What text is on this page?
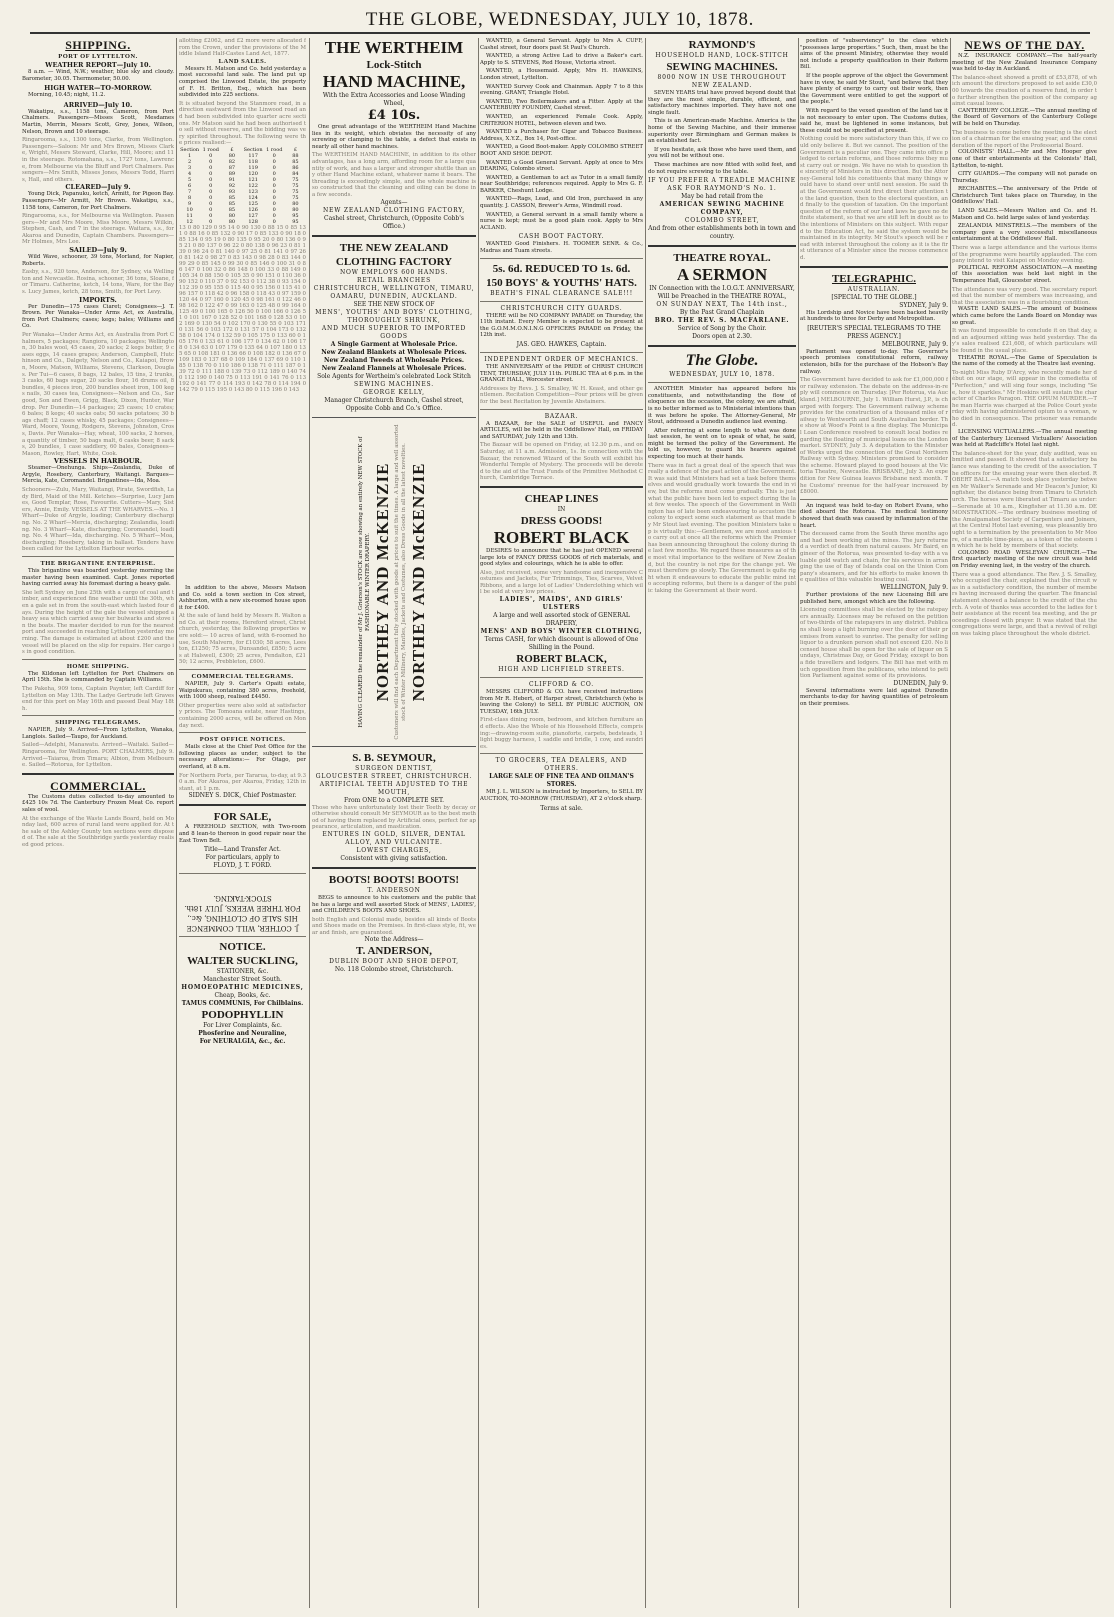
THE GLOBE, WEDNESDAY, JULY 10, 1878.
SHIPPING.
PORT OF LYTTELTON.
WEATHER REPORT—July 10.
8 a.m. — Wind, N.W.; weather, blue sky and cloudy. Barometer, 30.05. Thermometer, 50.00.
HIGH WATER—TO-MORROW.
Morning, 10.45; night, 11.2.
ARRIVED—July 10.
Wakatipu, s.s., 1158 tons, Cameron, from Port Chalmers. Passengers—Misses Scott, Mesdames Martin, Merrin, Messrs Scott, Grey, Jones, Wilson, Nelson, Brown and 10 steerage.
Ringarooma, s.s., 1300 tons, Clarke, from Wellington. Passengers—Saloon: Mr and Mrs Brown, Misses Clarke, Wright, Messrs Steward, Clarke, Hill, Moore; and 11 in the steerage. Rotomahana, s.s., 1727 tons, Lawrence, from Melbourne via the Bluff and Port Chalmers. Passengers—Mrs Smith, Misses Jones, Messrs Todd, Harris, Hall, and others.
CLEARED—July 9.
Young Dick, Papanuku, ketch, Armitt, for Pigeon Bay. Passengers—Mr Armitt, Mr Brown. Wakatipu, s.s., 1158 tons, Cameron, for Port Chalmers.
Ringarooma, s.s., for Melbourne via Wellington. Passengers—Mr and Mrs Moore, Miss Moore, Messrs Wilkin, Stephen, Cash, and 7 in the steerage. Waitara, s.s., for Akaroa and Dunedin, Captain Chambers. Passengers—Mr Holmes, Mrs Lee.
SAILED—July 9.
Wild Wave, schooner, 39 tons, Morland, for Napier, Roberts.
Easby, s.s., 920 tons, Anderson, for Sydney, via Wellington and Newcastle. Rosina, schooner, 36 tons, Sloane, for Timaru. Catherine, ketch, 14 tons, Ware, for the Bays. Lucy James, ketch, 28 tons, Smith, for Port Levy.
IMPORTS.
Per Dunedin—175 cases Ciaret; Consignees—J. T. Brown. Per Wanaka—Under Arms Act, ex Australia, from Port Chalmers; cases; kegs; bales; Williams and Co.
Per Wanaka—Under Arms Act, ex Australia from Port Chalmers, 5 packages; Rangiora, 10 packages; Wellington, 30 bales wool, 45 cases, 20 sacks; 2 kegs butter, 9 cases eggs, 14 cases grapes; Anderson, Campbell, Hutchinson and Co., Dalgety, Nelson and Co., Kaiapoi, Brown, Moore, Matson, Williams, Stevens, Clarkson, Douglas. Per Tui—6 cases, 8 bags, 12 bales, 15 tins, 2 trunks, 3 casks, 60 bags sugar, 20 sacks flour, 16 drums oil, 8 bundles, 4 pieces iron, 200 bundles sheet iron, 100 kegs nails, 30 cases tea, Consignees—Nelson and Co., Sargood, Son and Ewen, Grigg, Black, Dixon, Hunter, Wardrop. Per Dunedin—14 packages; 25 cases; 10 crates; 6 bales; 8 kegs; 40 sacks oats; 50 sacks potatoes; 30 bags chaff; 12 cases whisky, 45 packages; Consignees—Ward, Moore, Young, Rodgers, Stevens, Johnston, Cross, Davis. Per Wanaka—Hay, wheat, 100 sacks, 2 horses, a quantity of timber, 50 bags malt, 6 casks beer, 8 sacks, 20 bundles, 1 case saddlery, 60 bales, Consignees—Mason, Rowley, Hart, White, Cook.
VESSELS IN HARBOUR.
Steamer—Onehunga. Ships—Zealandia, Duke of Argyle, Rosebery, Canterbury, Waitangi. Barques—Mercia, Kate, Coromandel. Brigantines—Ida, Moa.
Schooners—Zulu, Mary, Waitangi, Pirate, Swordfish, Lady Bird, Maid of the Mill. Ketches—Surprise, Lucy James, Good Templar, Rose, Favourite. Cutters—Mary, Sisters, Annie, Emily. VESSELS AT THE WHARVES.—No. 1 Wharf—Duke of Argyle, loading; Canterbury discharging. No. 2 Wharf—Mercia, discharging; Zealandia, loading. No. 3 Wharf—Kate, discharging; Coromandel, loading. No. 4 Wharf—Ida, discharging. No. 5 Wharf—Moa, discharging; Rosebery, taking in ballast. Tenders have been called for the Lyttelton Harbour works.
THE BRIGANTINE ENTERPRISE.
This brigantine was boarded yesterday morning the master having been examined. Capt. Jones reported having carried away his foremast during a heavy gale.
She left Sydney on June 25th with a cargo of coal and timber, and experienced fine weather until the 30th, when a gale set in from the south-east which lasted four days. During the height of the gale the vessel shipped a heavy sea which carried away her bulwarks and stove in the boats. The master decided to run for the nearest port and succeeded in reaching Lyttelton yesterday morning. The damage is estimated at about £200 and the vessel will be placed on the slip for repairs. Her cargo is in good condition.
HOME SHIPPING.
The Kildonan left Lyttelton for Port Chalmers on April 15th. She is commanded by Captain Williams.
The Pakeha, 909 tons, Captain Paynter, left Cardiff for Lyttelton on May 13th. The Ladye Gertrude left Gravesend for this port on May 16th and passed Deal May 18th.
SHIPPING TELEGRAMS.
NAPIER, July 9. Arrived—From Lyttelton, Wanaka, Langlois. Sailed—Taupo, for Auckland.
Sailed—Adelphi, Manawatu. Arrived—Waitaki. Sailed—Ringarooma, for Wellington. PORT CHALMERS, July 9. Arrived—Taiaroa, from Timaru; Albion, from Melbourne. Sailed—Rotorua, for Lyttelton.
COMMERCIAL.
The Customs duties collected to-day amounted to £425 10s 7d. The Canterbury Frozen Meat Co. report sales of wool.
At the exchange of the Waste Lands Board, held on Monday last, 600 acres of rural land were applied for. At the sale of the Ashley County ten sections were disposed of. The sale at the Southbridge yards yesterday realised good prices.
allotting £2062, and £2 more were allocated from the Crown, under the provisions of the Middle Island Half-Castes Land Act, 1877.
LAND SALES.
Messrs H. Matson and Co. held yesterday a most successful land sale. The land put up comprised the Linwood Estate, the property of F. H. Britton, Esq., which has been subdivided into 225 sections.
It is situated beyond the Stanmore road, in a direction eastward from the Linwood road and had been subdivided into quarter acre sections. Mr Matson said he had been authorised to sell without reserve, and the bidding was very spirited throughout. The following were the prices realised:—
Section 1 rood	£	Section 1 rood	£
1	0	80	117	0	88
2	0	82	118	0	85
3	0	87	119	0	86
4	0	89	120	0	84
5	0	91	121	0	75
6	0	92	122	0	75
7	0	93	123	0	75
8	0	85	124	0	75
9	0	85	125	0	80
10	0	85	126	0	80
11	0	80	127	0	95
12	0	80	128	0	95
13 0 80 129 0 95 14 0 90 130 0 88 15 0 85 131 0 88 16 0 85 132 0 90 17 0 85 133 0 90 18 0 85 134 0 95 19 0 80 135 0 95 20 0 80 136 0 95 21 0 80 137 0 96 22 0 80 138 0 96 23 0 81 139 0 96 24 0 81 140 0 97 25 0 81 141 0 97 26 0 81 142 0 98 27 0 83 143 0 98 28 0 83 144 0 99 29 0 85 145 0 99 30 0 85 146 0 100 31 0 86 147 0 100 32 0 86 148 0 100 33 0 88 149 0 105 34 0 88 150 0 105 35 0 90 151 0 110 36 0 90 152 0 110 37 0 92 153 0 112 38 0 93 154 0 112 39 0 95 155 0 115 40 0 95 156 0 115 41 0 96 157 0 118 42 0 96 158 0 118 43 0 97 159 0 120 44 0 97 160 0 120 45 0 98 161 0 122 46 0 98 162 0 122 47 0 99 163 0 125 48 0 99 164 0 125 49 0 100 165 0 126 50 0 100 166 0 126 51 0 101 167 0 128 52 0 101 168 0 128 53 0 102 169 0 130 54 0 102 170 0 130 55 0 103 171 0 131 56 0 103 172 0 131 57 0 104 173 0 132 58 0 104 174 0 132 59 0 105 175 0 133 60 0 105 176 0 133 61 0 106 177 0 134 62 0 106 178 0 134 63 0 107 179 0 135 64 0 107 180 0 135 65 0 108 181 0 136 66 0 108 182 0 136 67 0 109 183 0 137 68 0 109 184 0 137 69 0 110 185 0 138 70 0 110 186 0 138 71 0 111 187 0 139 72 0 111 188 0 139 73 0 112 189 0 140 74 0 112 190 0 140 75 0 113 191 0 141 76 0 113 192 0 141 77 0 114 193 0 142 78 0 114 194 0 142 79 0 115 195 0 143 80 0 115 196 0 143
In addition to the above, Messrs Matson and Co. sold a town section in Cox street, Ashburton, with a new six-roomed house upon it for £400.
At the sale of land held by Messrs R. Walton and Co. at their rooms, Hereford street, Christchurch, yesterday, the following properties were sold:— 10 acres of land, with 6-roomed house, South Malvern, for £1030; 58 acres, Leeston, £1250; 75 acres, Dunsandel, £850; 5 acres at Halswell, £300; 25 acres, Fendalton, £2150; 12 acres, Prebbleton, £600.
COMMERCIAL TELEGRAMS.
NAPIER, July 9. Carter's Opaiti estate, Waipukurau, containing 380 acres, freehold, with 1000 sheep, realised £4450.
Other properties were also sold at satisfactory prices. The Tomoana estate, near Hastings, containing 2000 acres, will be offered on Monday next.
POST OFFICE NOTICES.
Mails close at the Chief Post Office for the following places as under, subject to the necessary alterations:— For Otago, per overland, at 8 a.m.
For Northern Ports, per Tararua, to-day, at 9.30 a.m. For Akaroa, per Akaroa, Friday, 12th instant, at 1 p.m.
SIDNEY S. DICK, Chief Postmaster.
FOR SALE,
A FREEHOLD SECTION, with Two-room and 8 lean-to thereon in good repair near the East Town Belt.
Title—Land Transfer Act.
For particulars, apply to
FLOYD, J. T. FORD.
J. COTHER, WILL COMMENCE HIS SALE OF CLOTHING, &c., FOR THREE WEEKS, JULY 18th. STOCK-TAKING.
NOTICE.
WALTER SUCKLING,
STATIONER, &c.
Manchester Street South.
HOMOEOPATHIC MEDICINES,
Cheap, Books, &c.
TAMUS COMMUNIS, For Chilblains.
PODOPHYLLIN
For Liver Complaints, &c.
Phosferine and Neuraline,
For NEURALGIA, &c., &c.
THE WERTHEIM
Lock-Stitch
HAND MACHINE,
With the Extra Accessories and Loose Winding Wheel,
£4 10s.
One great advantage of the WERTHEIM Hand Machine lies in its weight, which obviates the necessity of any screwing or clamping to the table, a defect that exists in nearly all other hand machines.
The WERTHEIM HAND MACHINE, in addition to its other advantages, has a long arm, affording room for a large quantity of work, and has a larger and stronger shuttle than any other Hand Machine extant, whatever name it bears. The threading is exceedingly simple, and the whole machine is so constructed that the cleaning and oiling can be done in a few seconds.
Agents—
NEW ZEALAND CLOTHING FACTORY,
Cashel street, Christchurch, (Opposite Cobb's Office.)
THE NEW ZEALAND CLOTHING FACTORY
NOW EMPLOYS 600 HANDS.
RETAIL BRANCHES
CHRISTCHURCH, WELLINGTON, TIMARU, OAMARU, DUNEDIN, AUCKLAND.
SEE THE NEW STOCK OF
MENS', YOUTHS' AND BOYS' CLOTHING,
THOROUGHLY SHRUNK,
AND MUCH SUPERIOR TO IMPORTED GOODS
A Single Garment at Wholesale Price.
New Zealand Blankets at Wholesale Prices.
New Zealand Tweeds at Wholesale Prices.
New Zealand Flannels at Wholesale Prices.
Sole Agents for Wertheim's celebrated Lock Stitch
SEWING MACHINES.
GEORGE KELLY,
Manager Christchurch Branch, Cashel street, Opposite Cobb and Co.'s Office.
HAVING CLEARED the remainder of Mr J. Grierson's STOCK are now showing an entirely NEW STOCK of FASHIONABLE WINTER DRAPERY. NORTHEY AND McKENZIE Customers will find each Department fully stocked with goods at prices to suit the times. A large and well assorted stock of Winter Millinery, Mantles, Jackets and Costumes, also Dress Goods in all the latest novelties. NORTHEY AND McKENZIE
S. B. SEYMOUR,
SURGEON DENTIST,
GLOUCESTER STREET, CHRISTCHURCH.
ARTIFICIAL TEETH ADJUSTED TO THE MOUTH,
From ONE to a COMPLETE SET.
Those who have unfortunately lost their Teeth by decay or otherwise should consult Mr SEYMOUR as to the best method of having them replaced by Artificial ones, perfect for appearance, articulation, and mastication.
ENTURES IN GOLD, SILVER, DENTAL ALLOY, AND VULCANITE.
LOWEST CHARGES,
Consistent with giving satisfaction.
BOOTS! BOOTS! BOOTS!
T. ANDERSON
BEGS to announce to his customers and the public that he has a large and well assorted Stock of MENS', LADIES', and CHILDREN'S BOOTS AND SHOES.
both English and Colonial made, besides all kinds of Boots and Shoes made on the Premises. In first-class style, fit, wear and finish, are guaranteed.
Note the Address—
T. ANDERSON,
DUBLIN BOOT AND SHOE DEPOT,
No. 118 Colombo street, Christchurch.
WANTED, a General Servant. Apply to Mrs A. CUFF, Cashel street, four doors past St Paul's Church.
WANTED, a strong Active Lad to drive a Baker's cart. Apply to S. STEVENS, Red House, Victoria street.
WANTED, a Housemaid. Apply, Mrs H. HAWKINS, London street, Lyttelton.
WANTED Survey Cook and Chainman. Apply 7 to 8 this evening. GRANT, Triangle Hotel.
WANTED, Two Boilermakers and a Fitter. Apply at the CANTERBURY FOUNDRY, Cashel street.
WANTED, an experienced Female Cook. Apply, CRITERION HOTEL, between eleven and two.
WANTED a Purchaser for Cigar and Tobacco Business. Address, X.Y.Z., Box 14, Post-office.
WANTED, a Good Boot-maker. Apply COLOMBO STREET BOOT AND SHOE DEPOT.
WANTED a Good General Servant. Apply at once to Mrs DEARING, Colombo street.
WANTED, a Gentleman to act as Tutor in a small family near Southbridge; references required. Apply to Mrs G. F. BARKER, Cheshunt Lodge.
WANTED—Rags, Lead, and Old Iron, purchased in any quantity. J. CASSON, Brewer's Arms, Windmill road.
WANTED, a General servant in a small family where a nurse is kept; must be a good plain cook. Apply to Mrs ACLAND.
CASH BOOT FACTORY.
WANTED Good Finishers. H. TOOMER SENR. & Co., Madras and Tuam streets.
5s. 6d. REDUCED TO 1s. 6d.
150 BOYS' & YOUTHS' HATS.
BEATH'S FINAL CLEARANCE SALE!!!
CHRISTCHURCH CITY GUARDS.
THERE will be NO COMPANY PARADE on Thursday, the 11th instant. Every Member is expected to be present at the G.O.M.M.O.N.I.N.G OFFICERS PARADE on Friday, the 12th inst.
JAS. GEO. HAWKES, Captain.
INDEPENDENT ORDER OF MECHANICS.
THE ANNIVERSARY of the PRIDE of CHRIST CHURCH TENT, THURSDAY, JULY 11th. PUBLIC TEA at 6 p.m. in the GRANGE HALL, Worcester street.
Addresses by Revs. J. S. Smalley, W. H. Keast, and other gentlemen. Recitation Competition—Four prizes will be given for the best Recitation by Juvenile Abstainers.
BAZAAR.
A BAZAAR, for the SALE of USEFUL and FANCY ARTICLES, will be held in the Oddfellows' Hall, on FRIDAY and SATURDAY, July 12th and 13th.
The Bazaar will be opened on Friday, at 12.30 p.m., and on Saturday, at 11 a.m. Admission, 1s. In connection with the Bazaar, the renowned Wizard of the South will exhibit his Wonderful Temple of Mystery. The proceeds will be devoted to the aid of the Trust Funds of the Primitive Methodist Church, Cambridge Terrace.
CHEAP LINES
IN
DRESS GOODS!
ROBERT BLACK
DESIRES to announce that he has just OPENED several large lots of FANCY DRESS GOODS of rich materials, and good styles and colourings, which he is able to offer.
Also, just received, some very handsome and inexpensive Costumes and Jackets, Fur Trimmings, Ties, Scarves, Velvet Ribbons, and a large lot of Ladies' Underclothing which will be sold at very low prices.
LADIES', MAIDS', AND GIRLS' ULSTERS
A large and well assorted stock of GENERAL DRAPERY,
MENS' AND BOYS' WINTER CLOTHING,
Terms CASH, for which discount is allowed of One Shilling in the Pound.
ROBERT BLACK,
HIGH AND LICHFIELD STREETS.
CLIFFORD & CO.
MESSRS CLIFFORD & CO. have received instructions from Mr R. Hebert, of Harper street, Christchurch (who is leaving the Colony) to SELL BY PUBLIC AUCTION, ON TUESDAY, 16th JULY.
First-class dining room, bedroom, and kitchen furniture and effects. Also the Whole of his Household Effects, comprising:—drawing-room suite, pianoforte, carpets, bedsteads, 1 light buggy harness, 1 saddle and bridle, 1 cow, and sundries.
TO GROCERS, TEA DEALERS, AND OTHERS.
LARGE SALE OF FINE TEA AND OILMAN'S STORES.
MR J. L. WILSON is instructed by Importers, to SELL BY AUCTION, TO-MORROW (THURSDAY), AT 2 o'clock sharp.
Terms at sale.
RAYMOND'S
HOUSEHOLD HAND, LOCK-STITCH
SEWING MACHINES.
8000 NOW IN USE THROUGHOUT NEW ZEALAND.
SEVEN YEARS trial have proved beyond doubt that they are the most simple, durable, efficient, and satisfactory machines imported. They have not one single fault.
This is an American-made Machine. America is the home of the Sewing Machine, and their immense superiority over Birmingham and German makes is an established fact.
If you hesitate, ask those who have used them, and you will not be without one.
These machines are now fitted with solid feet, and do not require screwing to the table.
IF YOU PREFER A TREADLE MACHINE ASK FOR RAYMOND'S No. 1.
May be had retail from the
AMERICAN SEWING MACHINE COMPANY,
COLOMBO STREET,
And from other establishments both in town and country.
THEATRE ROYAL.
A SERMON
IN Connection with the I.O.G.T. ANNIVERSARY, Will be Preached in the THEATRE ROYAL,
ON SUNDAY NEXT, The 14th inst.,
By the Past Grand Chaplain
BRO. THE REV. S. MACFARLANE.
Service of Song by the Choir.
Doors open at 2.30.
The Globe.
WEDNESDAY, JULY 10, 1878.
ANOTHER Minister has appeared before his constituents, and notwithstanding the flow of eloquence on the occasion, the colony, we are afraid, is no better informed as to Ministerial intentions than it was before he spoke. The Attorney-General, Mr Stout, addressed a Dunedin audience last evening.
After referring at some length to what was done last session, he went on to speak of what, he said, might be termed the policy of the Government. He told us, however, to guard his hearers against expecting too much at their hands.
There was in fact a great deal of the speech that was really a defence of the past action of the Government. It was said that Ministers had set a task before themselves and would gradually work towards the end in view, but the reforms must come gradually. This is just what the public have been led to expect during the last few weeks. The speech of the Government in Wellington has of late been endeavouring to accustom the colony to expect some such statement as that made by Mr Stout last evening. The position Ministers take up is virtually this:—Gentlemen, we are most anxious to carry out at once all the reforms which the Premier has been announcing throughout the colony during the last few months. We regard these measures as of the most vital importance to the welfare of New Zealand, but the country is not ripe for the change yet. We must therefore go slowly. The Government is quite right when it endeavours to educate the public mind into accepting reforms, but there is a danger of the public taking the Government at their word.
position of "subserviency" to the class which "possesses large properties." Such, then, must be the aims of the present Ministry, otherwise they would not include a property qualification in their Reform Bill.
If the people approve of the object the Government have in view, he said Mr Stout, "and believe that they have plenty of energy to carry out their work, then the Government were entitled to get the support of the people."
With regard to the vexed question of the land tax it is not necessary to enter upon. The Customs duties, said he, must be lightened in some instances, but these could not be specified at present.
Nothing could be more satisfactory than this, if we could only believe it. But we cannot. The position of the Government is a peculiar one. They came into office pledged to certain reforms, and those reforms they must carry out or resign. We have no wish to question the sincerity of Ministers in this direction. But the Attorney-General told his constituents that many things would have to stand over until next session. He said that the Government would first direct their attention to the land question, then to the electoral question, and finally to the question of taxation. On the important question of the reform of our land laws he gave no definite statement, so that we are still left in doubt as to the intentions of Ministers on this subject. With regard to the Education Act, he said the system would be maintained in its integrity. Mr Stout's speech will be read with interest throughout the colony as it is the first utterance of a Minister since the recess commenced.
TELEGRAPHIC.
AUSTRALIAN.
[SPECIAL TO THE GLOBE.]
SYDNEY, July 9.
His Lordship and Novice have been backed heavily at hundreds to three for Derby and Metropolitan.
[REUTER'S SPECIAL TELEGRAMS TO THE PRESS AGENCY.]
MELBOURNE, July 9.
Parliament was opened to-day. The Governor's speech promises constitutional reform, railway extension, bills for the purchase of the Hobson's Bay railway.
The Government have decided to ask for £1,000,000 for railway extension. The debate on the address-in-reply will commence on Thursday. [Per Rotorua, via Auckland.] MELBOURNE, July 1. William Hurst, J.P., is charged with forgery. The Government railway scheme provides for the construction of a thousand miles of railway to Wentworth and South Australian border. The show at Wood's Point is a fine display. The Municipal Loan Conference resolved to consult local bodies regarding the floating of municipal loans on the London market. SYDNEY, July 3. A deputation to the Minister of Works urged the connection of the Great Northern Railway with Sydney. Ministers promised to consider the scheme. Howard played to good houses at the Victoria Theatre, Newcastle. BRISBANE, July 3. An expedition for New Guinea leaves Brisbane next month. The Customs' revenue for the half-year increased by £8000.
An inquest was held to-day on Robert Evans, who died aboard the Rotorua. The medical testimony showed that death was caused by inflammation of the heart.
The deceased came from the South three months ago and had been working at the mines. The jury returned a verdict of death from natural causes. Mr Baird, engineer of the Rotorua, was presented to-day with a valuable gold watch and chain, for his services in arranging the use of Bay of Islands coal on the Union Company's steamers, and for his efforts to make known the qualities of this valuable boating coal.
WELLINGTON, July 9.
Further provisions of the new Licensing Bill are published here, amongst which are the following.
Licensing committees shall be elected by the ratepayers annually. Licenses may be refused on the petition of two-thirds of the ratepayers in any district. Publicans shall keep a light burning over the door of their premises from sunset to sunrise. The penalty for selling liquor to a drunken person shall not exceed £20. No licensed house shall be open for the sale of liquor on Sundays, Christmas Day, or Good Friday, except to bona fide travellers and lodgers. The Bill has met with much opposition from the publicans, who intend to petition Parliament against some of its provisions.
DUNEDIN, July 9.
Several informations were laid against Dunedin merchants to-day for having quantities of petroleum on their premises.
NEWS OF THE DAY.
N.Z. INSURANCE COMPANY.—The half-yearly meeting of the New Zealand Insurance Company was held to-day in Auckland.
The balance-sheet showed a profit of £53,878, of which amount the directors proposed to set aside £30,000 towards the creation of a reserve fund, in order to further strengthen the position of the company against casual losses.
CANTERBURY COLLEGE.—The annual meeting of the Board of Governors of the Canterbury College will be held on Thursday.
The business to come before the meeting is the election of a chairman for the ensuing year, and the consideration of the report of the Professorial Board.
COLONISTS' HALL.—Mr and Mrs Hooper give one of their entertainments at the Colonists' Hall, Lyttelton, to-night.
CITY GUARDS.—The company will not parade on Thursday.
RECHABITES.—The anniversary of the Pride of Christchurch Tent takes place on Thursday, in the Oddfellows' Hall.
LAND SALES.—Messrs Walton and Co. and H. Matson and Co. held large sales of land yesterday.
ZEALANDIA MINSTRELS.—The members of the company gave a very successful miscellaneous entertainment at the Oddfellows' Hall.
There was a large attendance and the various items of the programme were heartily applauded. The company intend to visit Kaiapoi on Monday evening.
POLITICAL REFORM ASSOCIATION.—A meeting of this association was held last night in the Temperance Hall, Gloucester street.
The attendance was very good. The secretary reported that the number of members was increasing, and that the association was in a flourishing condition.
WASTE LAND SALES.—The amount of business which came before the Lands Board on Monday was so great.
It was found impossible to conclude it on that day, and an adjourned sitting was held yesterday. The day's sales realised £21,608, of which particulars will be found in the usual place.
THEATRE ROYAL.—The Game of Speculation is the name of the comedy at the Theatre last evening.
To-night Miss Ruby D'Arcy, who recently made her début on our stage, will appear in the comedietta of "Perfection," and will sing four songs, including "See, how it sparkles." Mr Hoskins will sustain the character of Charles Paragon. THE OPIUM MURDER.—The man Harris was charged at the Police Court yesterday with having administered opium to a woman, who died in consequence. The prisoner was remanded.
LICENSING VICTUALLERS.—The annual meeting of the Canterbury Licensed Victuallers' Association was held at Radcliffe's Hotel last night.
The balance-sheet for the year, duly audited, was submitted and passed. It showed that a satisfactory balance was standing to the credit of the association. The officers for the ensuing year were then elected. ROBERT BALL.—A match took place yesterday between Mr Walker's Serenade and Mr Deacon's Junior, Kingfisher, the distance being from Timaru to Christchurch. The horses were liberated at Timaru as under:—Serenade at 10 a.m., Kingfisher at 11.30 a.m. DEMONSTRATION.—The ordinary business meeting of the Amalgamated Society of Carpenters and Joiners, at the Central Hotel last evening, was pleasantly brought to a termination by the presentation to Mr Moore, of a marble time-piece, as a token of the esteem in which he is held by members of that society.
COLOMBO ROAD WESLEYAN CHURCH.—The first quarterly meeting of the new circuit was held on Friday evening last, in the vestry of the church.
There was a good attendance. The Rev. J. S. Smalley, who occupied the chair, explained that the circuit was in a satisfactory condition, the number of members having increased during the quarter. The financial statement showed a balance to the credit of the church. A vote of thanks was accorded to the ladies for their assistance at the recent tea meeting, and the proceedings closed with prayer. It was stated that the congregations were large, and that a revival of religion was taking place throughout the whole district.
